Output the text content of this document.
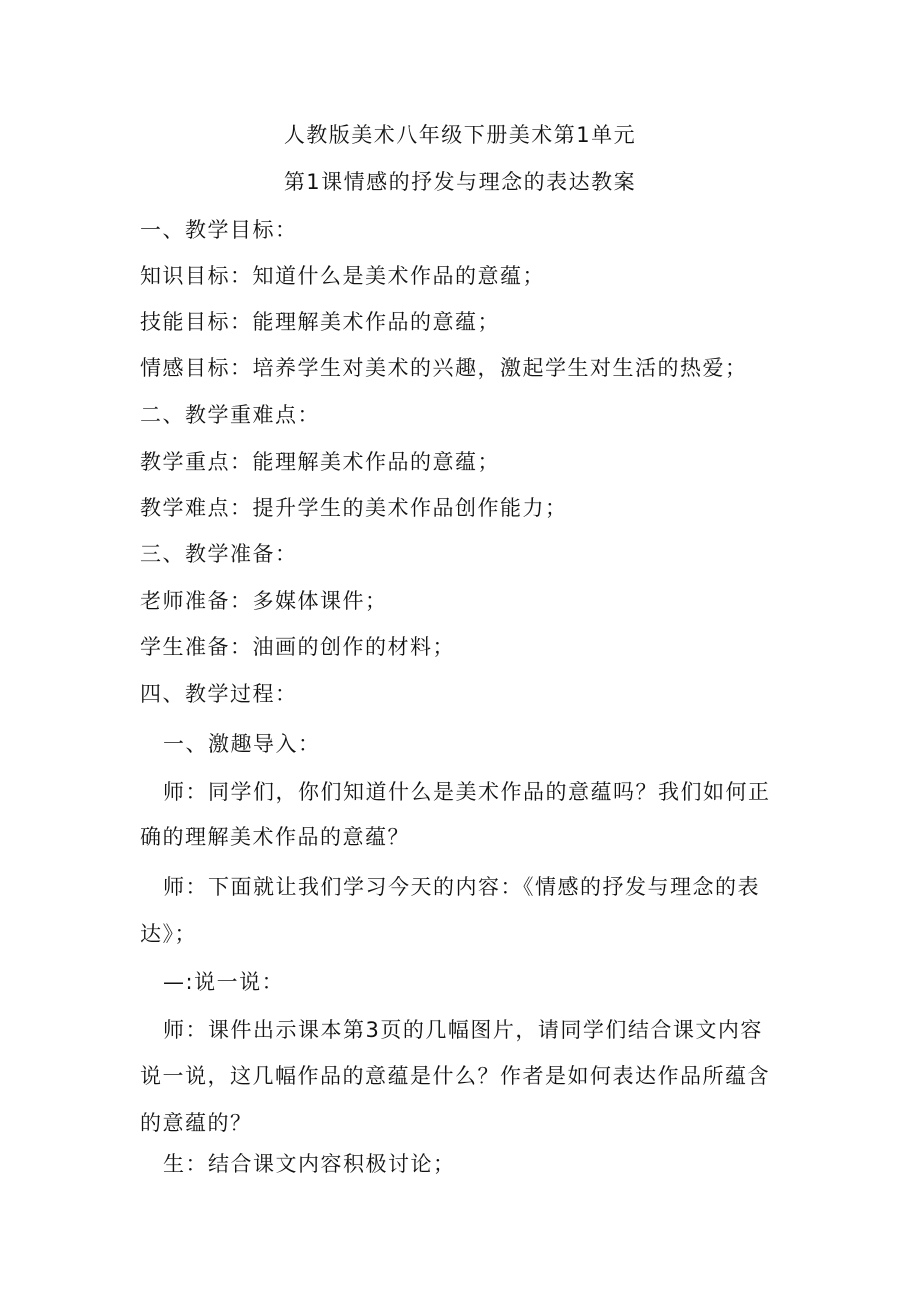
人教版美术八年级下册美术第1单元
第1课情感的抒发与理念的表达教案
一、教学目标：
知识目标：知道什么是美术作品的意蕴；
技能目标：能理解美术作品的意蕴；
情感目标：培养学生对美术的兴趣，激起学生对生活的热爱；
二、教学重难点：
教学重点：能理解美术作品的意蕴；
教学难点：提升学生的美术作品创作能力；
三、教学准备：
老师准备：多媒体课件；
学生准备：油画的创作的材料；
四、教学过程：
一、激趣导入：
师：同学们，你们知道什么是美术作品的意蕴吗？我们如何正
确的理解美术作品的意蕴？
师：下面就让我们学习今天的内容：《情感的抒发与理念的表
达》；
—:说一说：
师：课件出示课本第3页的几幅图片，请同学们结合课文内容
说一说，这几幅作品的意蕴是什么？作者是如何表达作品所蕴含
的意蕴的？
生：结合课文内容积极讨论；
